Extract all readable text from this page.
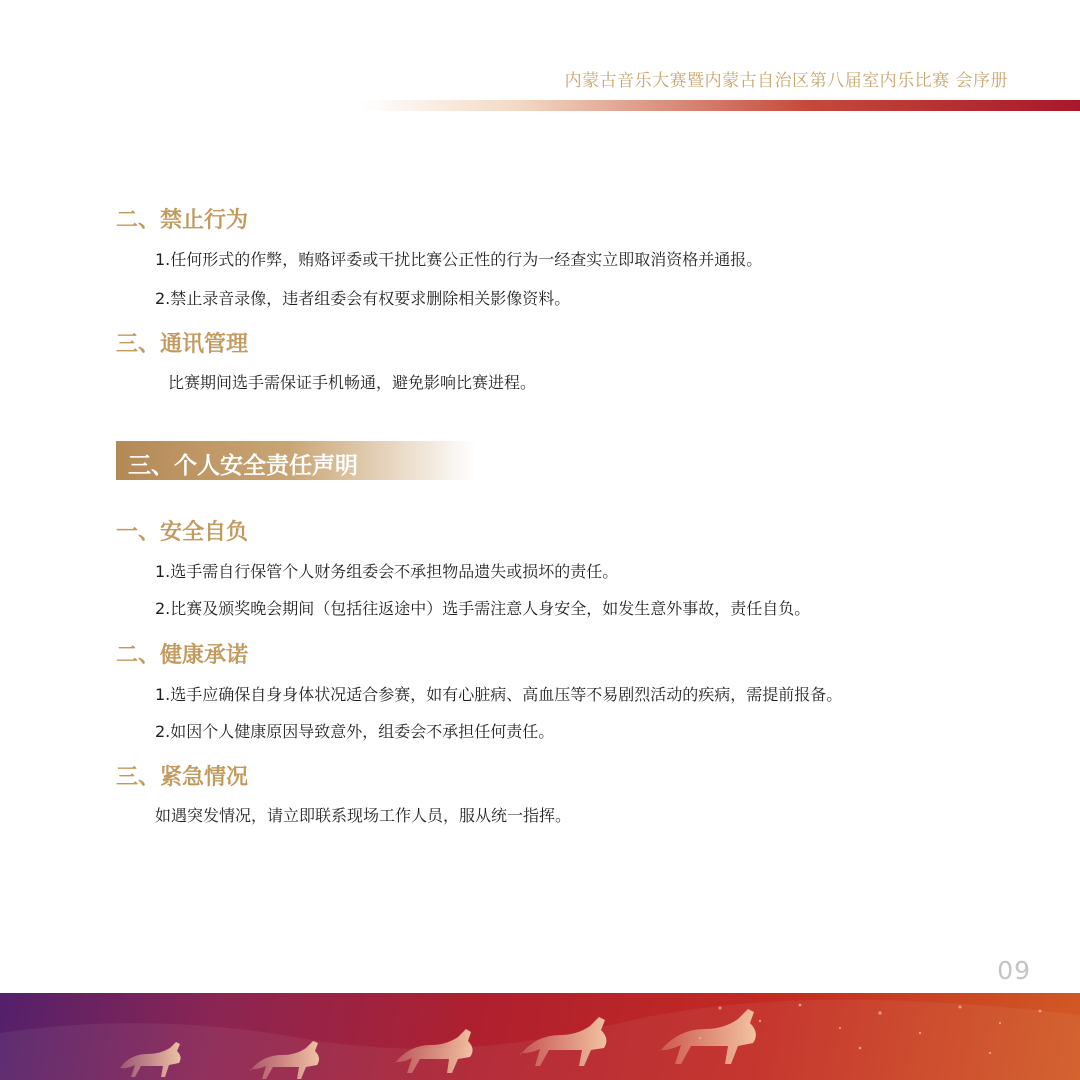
内蒙古音乐大赛暨内蒙古自治区第八届室内乐比赛 会序册
二、禁止行为

1.任何形式的作弊，贿赂评委或干扰比赛公正性的行为一经查实立即取消资格并通报。

2.禁止录音录像，违者组委会有权要求删除相关影像资料。

三、通讯管理

比赛期间选手需保证手机畅通，避免影响比赛进程。

三、个人安全责任声明
一、安全自负

1.选手需自行保管个人财务组委会不承担物品遗失或损坏的责任。

2.比赛及颁奖晚会期间（包括往返途中）选手需注意人身安全，如发生意外事故，责任自负。

二、健康承诺

1.选手应确保自身身体状况适合参赛，如有心脏病、高血压等不易剧烈活动的疾病，需提前报备。

2.如因个人健康原因导致意外，组委会不承担任何责任。

三、紧急情况

如遇突发情况，请立即联系现场工作人员，服从统一指挥。

09
